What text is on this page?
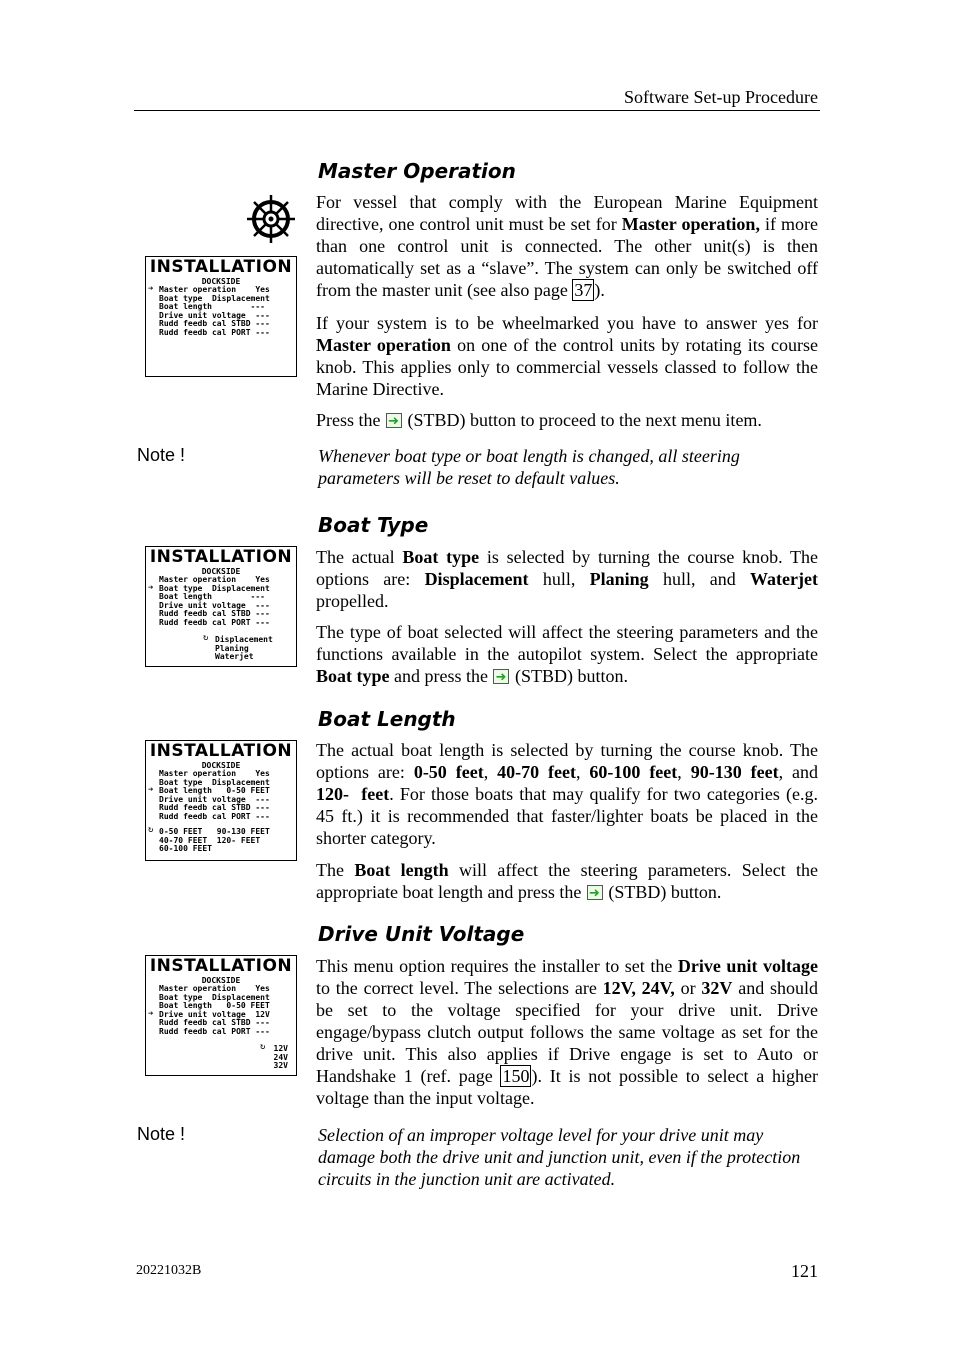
Software Set-up Procedure
Master Operation
INSTALLATION
DOCKSIDE
➔ Master operation    Yes
Boat type  Displacement
Boat length        ---
Drive unit voltage  ---
Rudd feedb cal STBD ---
Rudd feedb cal PORT ---
For vessel that comply with the European Marine Equipment directive, one control unit must be set for Master operation, if more than one control unit is connected. The other unit(s) is then automatically set as a “slave”. The system can only be switched off from the master unit (see also page 37 ).
If your system is to be wheelmarked you have to answer yes for Master operation on one of the control units by rotating its course knob. This applies only to commercial vessels classed to follow the Marine Directive.
Press the ➜ (STBD) button to proceed to the next menu item.
Note !	Whenever boat type or boat length is changed, all steering parameters will be reset to default values.
Boat Type
INSTALLATION
DOCKSIDE
Master operation    Yes
➔ Boat type  Displacement
Boat length        ---
Drive unit voltage  ---
Rudd feedb cal STBD ---
Rudd feedb cal PORT ---
↻ Displacement
Planing
Waterjet
The actual Boat type is selected by turning the course knob. The options are: Displacement hull, Planing hull, and Waterjet propelled.
The type of boat selected will affect the steering parameters and the functions available in the autopilot system. Select the appropriate Boat type and press the ➜ (STBD) button.
Boat Length
INSTALLATION
DOCKSIDE
Master operation    Yes
Boat type  Displacement
➔ Boat length   0-50 FEET
Drive unit voltage  ---
Rudd feedb cal STBD ---
Rudd feedb cal PORT ---
↻ 0-50 FEET   90-130 FEET
40-70 FEET  120- FEET
60-100 FEET
The actual boat length is selected by turning the course knob. The options are: 0-50 feet, 40-70 feet, 60-100 feet, 90-130 feet, and 120-  feet. For those boats that may qualify for two categories (e.g. 45 ft.) it is recommended that faster/lighter boats be placed in the shorter category.
The Boat length will affect the steering parameters. Select the appropriate boat length and press the ➜ (STBD) button.
Drive Unit Voltage
INSTALLATION
DOCKSIDE
Master operation    Yes
Boat type  Displacement
Boat length   0-50 FEET
➔ Drive unit voltage  12V
Rudd feedb cal STBD ---
Rudd feedb cal PORT ---
↻	12V
24V
32V
This menu option requires the installer to set the Drive unit voltage to the correct level. The selections are 12V, 24V, or 32V and should be set to the voltage specified for your drive unit. Drive engage/bypass clutch output follows the same voltage as set for the drive unit. This also applies if Drive engage is set to Auto or Handshake 1 (ref. page 150 ). It is not possible to select a higher voltage than the input voltage.
Note !	Selection of an improper voltage level for your drive unit may damage both the drive unit and junction unit, even if the protection circuits in the junction unit are activated.
20221032B	121
